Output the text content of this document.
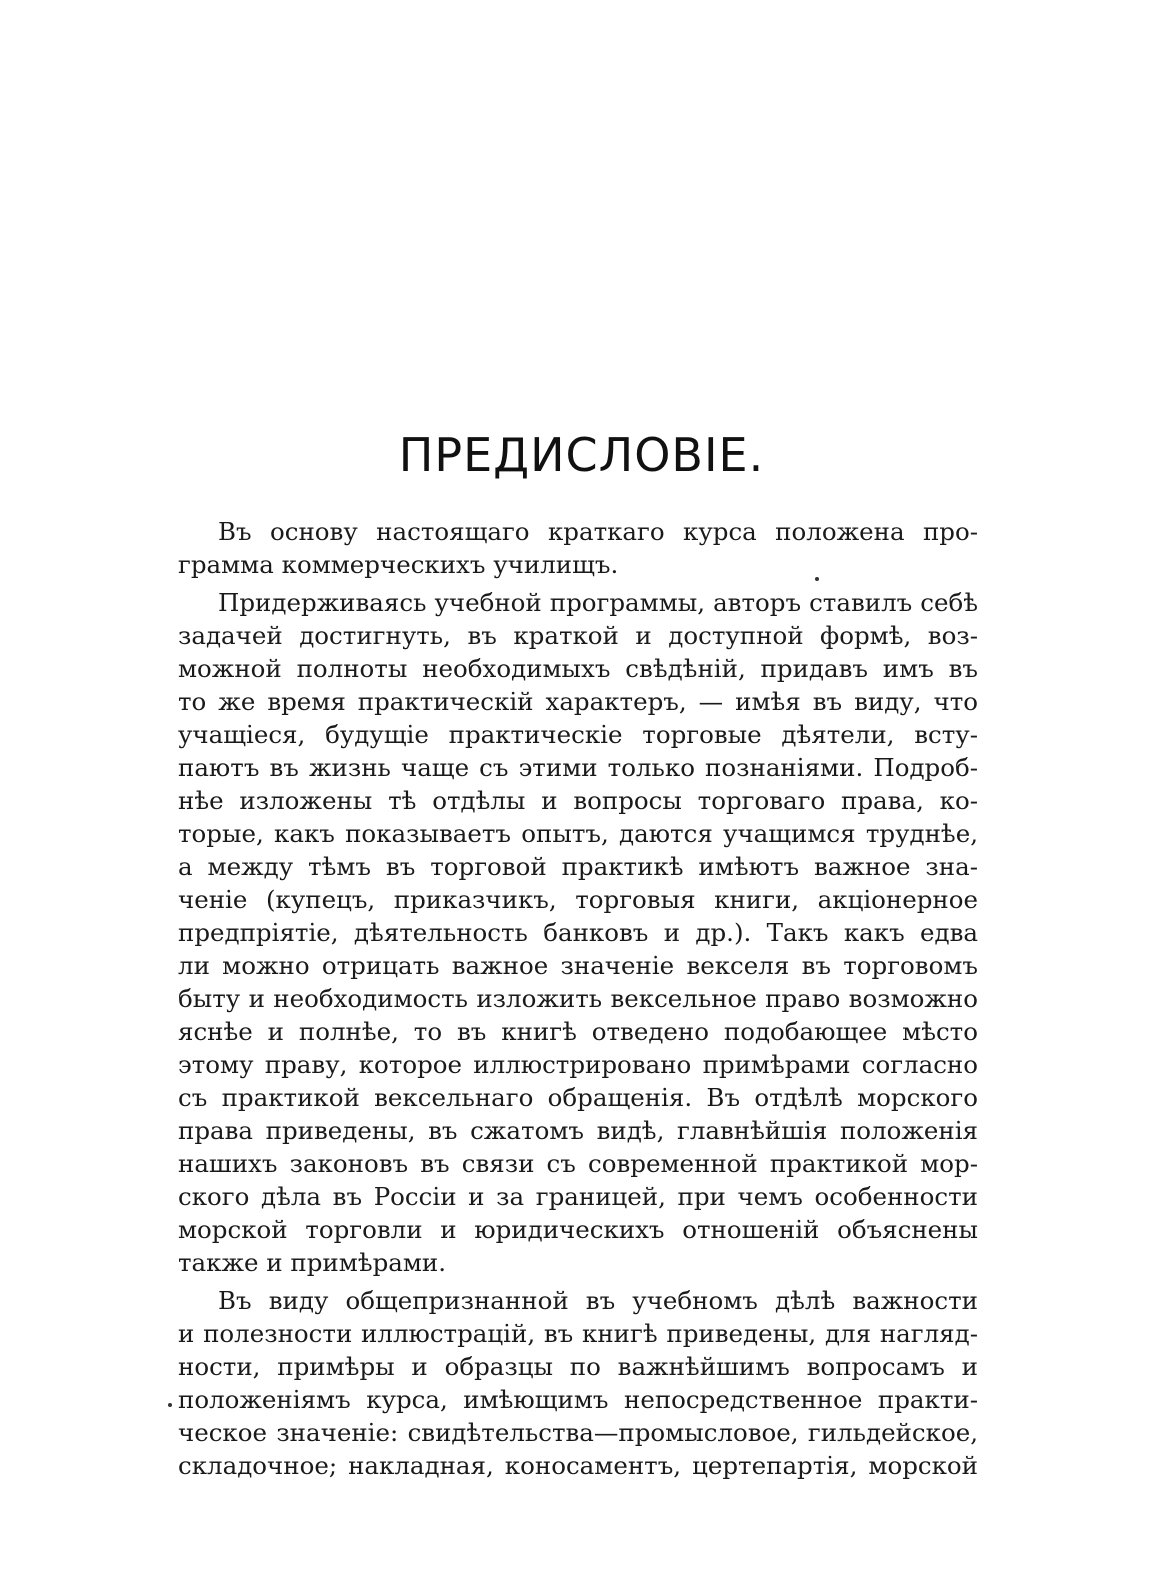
ПРЕДИСЛОВІЕ.
Въ основу настоящаго краткаго курса положена про-
грамма коммерческихъ училищъ.
Придерживаясь учебной программы, авторъ ставилъ себѣ
задачей достигнуть, въ краткой и доступной формѣ, воз-
можной полноты необходимыхъ свѣдѣній, придавъ имъ въ
то же время практическій характеръ, — имѣя въ виду, что
учащіеся, будущіе практическіе торговые дѣятели, всту-
паютъ въ жизнь чаще съ этими только познаніями. Подроб-
нѣе изложены тѣ отдѣлы и вопросы торговаго права, ко-
торые, какъ показываетъ опытъ, даются учащимся труднѣе,
а между тѣмъ въ торговой практикѣ имѣютъ важное зна-
ченіе (купецъ, приказчикъ, торговыя книги, акціонерное
предпріятіе, дѣятельность банковъ и др.). Такъ какъ едва
ли можно отрицать важное значеніе векселя въ торговомъ
быту и необходимость изложить вексельное право возможно
яснѣе и полнѣе, то въ книгѣ отведено подобающее мѣсто
этому праву, которое иллюстрировано примѣрами согласно
съ практикой вексельнаго обращенія. Въ отдѣлѣ морского
права приведены, въ сжатомъ видѣ, главнѣйшія положенія
нашихъ законовъ въ связи съ современной практикой мор-
ского дѣла въ Россіи и за границей, при чемъ особенности
морской торговли и юридическихъ отношеній объяснены
также и примѣрами.
Въ виду общепризнанной въ учебномъ дѣлѣ важности
и полезности иллюстрацій, въ книгѣ приведены, для нагляд-
ности, примѣры и образцы по важнѣйшимъ вопросамъ и
положеніямъ курса, имѣющимъ непосредственное практи-
ческое значеніе: свидѣтельства—промысловое, гильдейское,
складочное; накладная, коносаментъ, цертепартія, морской
